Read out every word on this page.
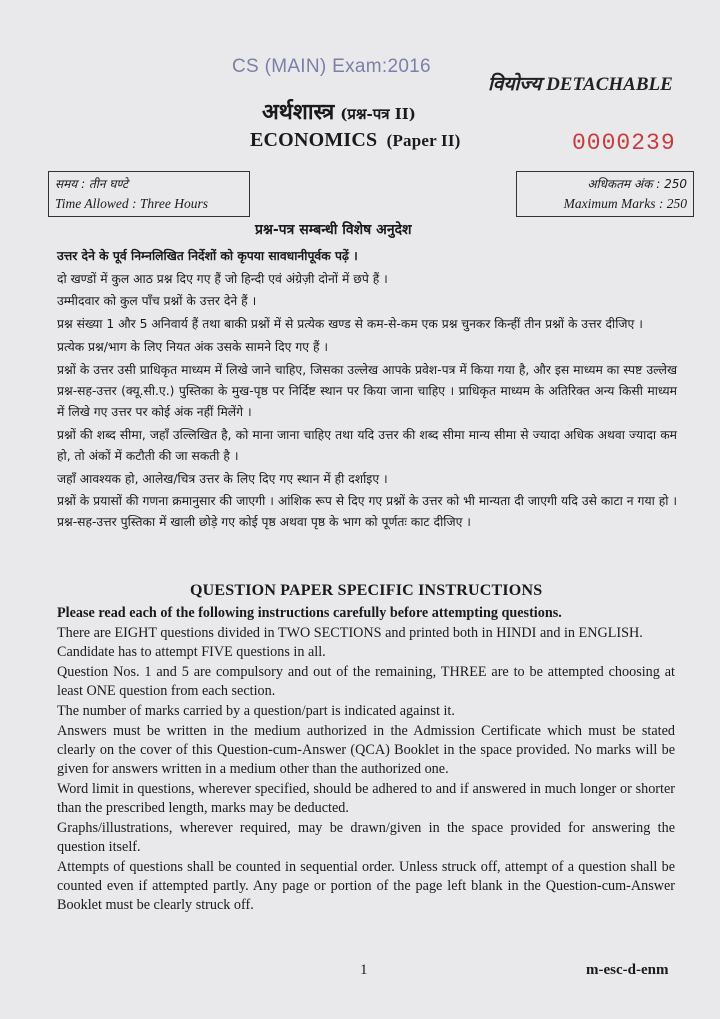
CS (MAIN) Exam:2016
वियोज्य DETACHABLE
अर्थशास्त्र (प्रश्न-पत्र II)
ECONOMICS (Paper II)	0000239
समय : तीन घण्टे
Time Allowed : Three Hours
अधिकतम अंक : 250
Maximum Marks : 250
प्रश्न-पत्र सम्बन्धी विशेष अनुदेश

उत्तर देने के पूर्व निम्नलिखित निर्देशों को कृपया सावधानीपूर्वक पढ़ें ।

दो खण्डों में कुल आठ प्रश्न दिए गए हैं जो हिन्दी एवं अंग्रेज़ी दोनों में छपे हैं ।

उम्मीदवार को कुल पाँच प्रश्नों के उत्तर देने हैं ।

प्रश्न संख्या 1 और 5 अनिवार्य हैं तथा बाकी प्रश्नों में से प्रत्येक खण्ड से कम-से-कम एक प्रश्न चुनकर किन्हीं तीन प्रश्नों के उत्तर दीजिए ।

प्रत्येक प्रश्न/भाग के लिए नियत अंक उसके सामने दिए गए हैं ।

प्रश्नों के उत्तर उसी प्राधिकृत माध्यम में लिखे जाने चाहिए, जिसका उल्लेख आपके प्रवेश-पत्र में किया गया है, और इस माध्यम का स्पष्ट उल्लेख प्रश्न-सह-उत्तर (क्यू.सी.ए.) पुस्तिका के मुख-पृष्ठ पर निर्दिष्ट स्थान पर किया जाना चाहिए । प्राधिकृत माध्यम के अतिरिक्त अन्य किसी माध्यम में लिखे गए उत्तर पर कोई अंक नहीं मिलेंगे ।

प्रश्नों की शब्द सीमा, जहाँ उल्लिखित है, को माना जाना चाहिए तथा यदि उत्तर की शब्द सीमा मान्य सीमा से ज्यादा अधिक अथवा ज्यादा कम हो, तो अंकों में कटौती की जा सकती है ।

जहाँ आवश्यक हो, आलेख/चित्र उत्तर के लिए दिए गए स्थान में ही दर्शाइए ।

प्रश्नों के प्रयासों की गणना क्रमानुसार की जाएगी । आंशिक रूप से दिए गए प्रश्नों के उत्तर को भी मान्यता दी जाएगी यदि उसे काटा न गया हो । प्रश्न-सह-उत्तर पुस्तिका में खाली छोड़े गए कोई पृष्ठ अथवा पृष्ठ के भाग को पूर्णतः काट दीजिए ।

QUESTION PAPER SPECIFIC INSTRUCTIONS

Please read each of the following instructions carefully before attempting questions.

There are EIGHT questions divided in TWO SECTIONS and printed both in HINDI and in ENGLISH.

Candidate has to attempt FIVE questions in all.

Question Nos. 1 and 5 are compulsory and out of the remaining, THREE are to be attempted choosing at least ONE question from each section.

The number of marks carried by a question/part is indicated against it.

Answers must be written in the medium authorized in the Admission Certificate which must be stated clearly on the cover of this Question-cum-Answer (QCA) Booklet in the space provided. No marks will be given for answers written in a medium other than the authorized one.

Word limit in questions, wherever specified, should be adhered to and if answered in much longer or shorter than the prescribed length, marks may be deducted.

Graphs/illustrations, wherever required, may be drawn/given in the space provided for answering the question itself.

Attempts of questions shall be counted in sequential order. Unless struck off, attempt of a question shall be counted even if attempted partly. Any page or portion of the page left blank in the Question-cum-Answer Booklet must be clearly struck off.

1	m-esc-d-enm
